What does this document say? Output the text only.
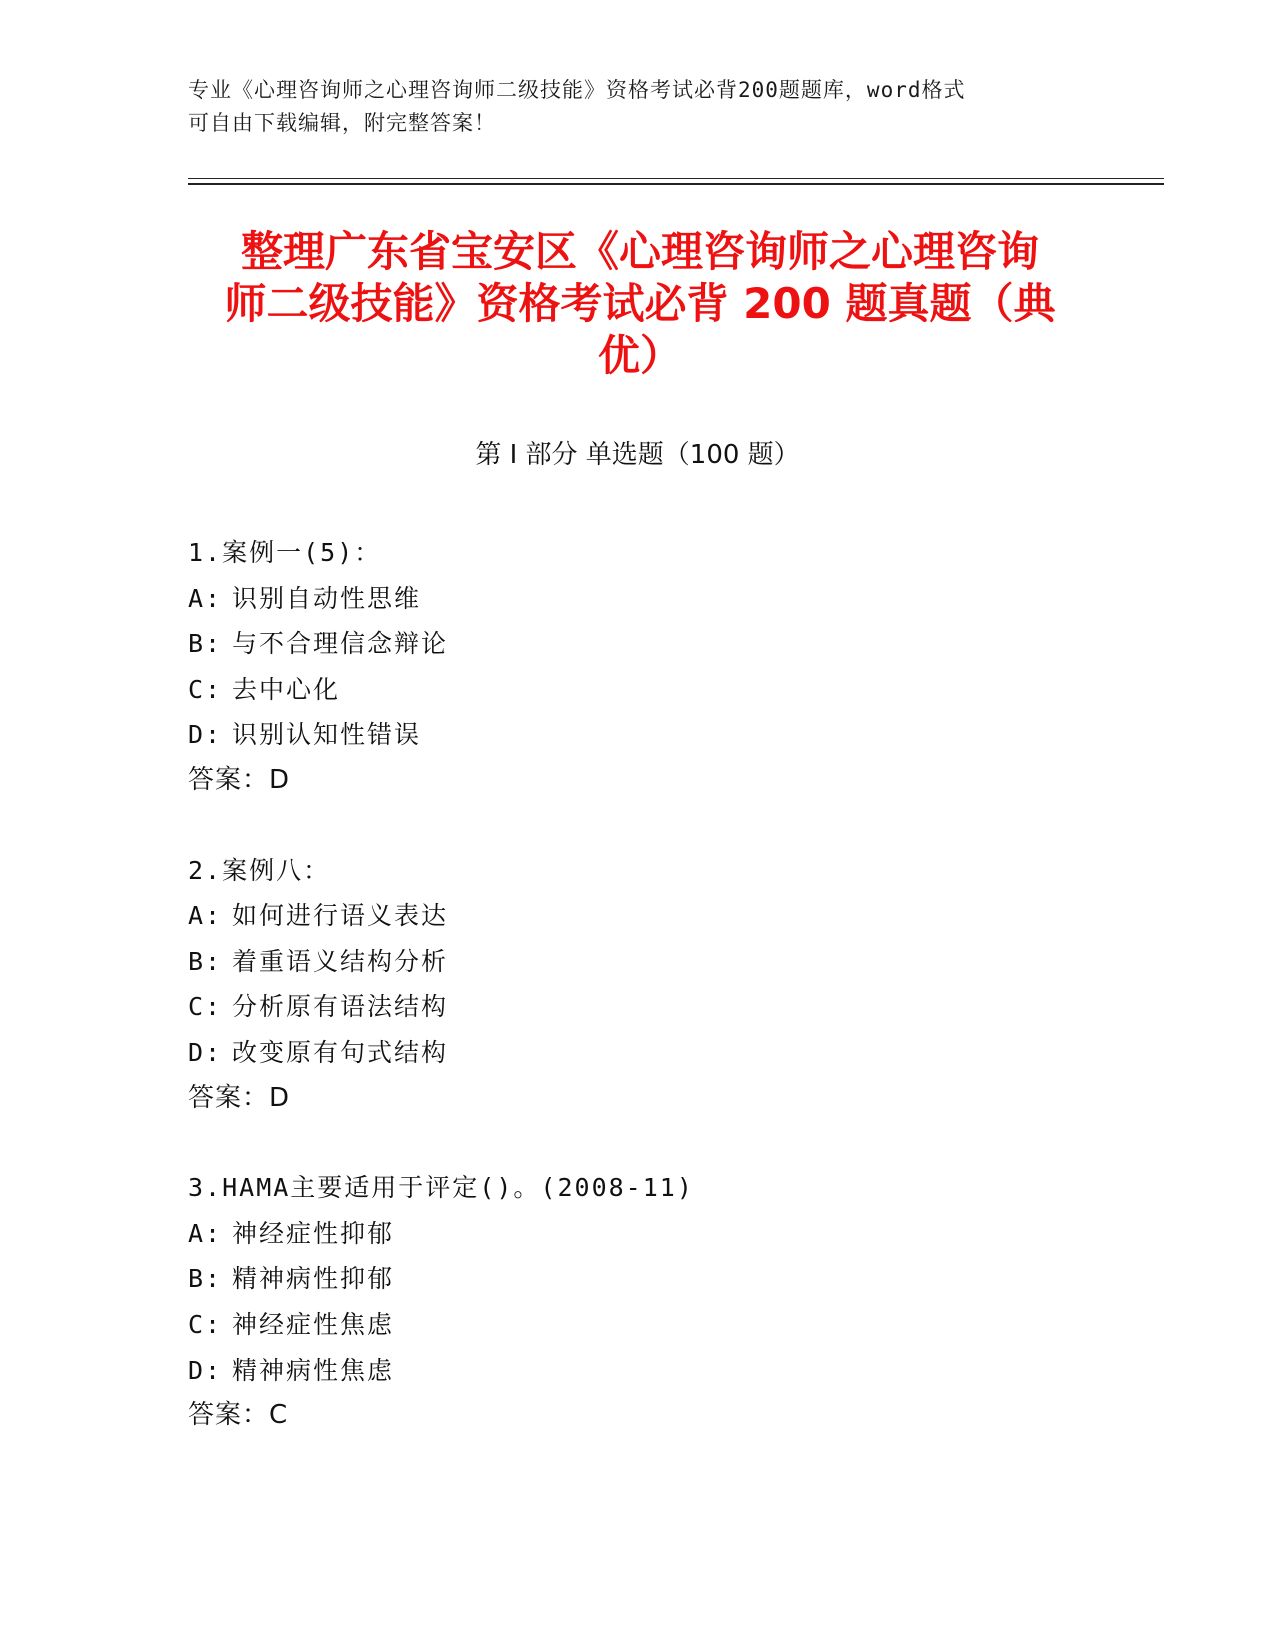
专业《心理咨询师之心理咨询师二级技能》资格考试必背200题题库，word格式
可自由下载编辑，附完整答案！
整理广东省宝安区《心理咨询师之心理咨询
师二级技能》资格考试必背 200 题真题（典
优）
第 I 部分 单选题（100 题）
1.案例一(5)：
A: 识别自动性思维
B: 与不合理信念辩论
C: 去中心化
D: 识别认知性错误
答案：D
2.案例八：
A: 如何进行语义表达
B: 着重语义结构分析
C: 分析原有语法结构
D: 改变原有句式结构
答案：D
3.HAMA主要适用于评定()。(2008-11)
A: 神经症性抑郁
B: 精神病性抑郁
C: 神经症性焦虑
D: 精神病性焦虑
答案：C
